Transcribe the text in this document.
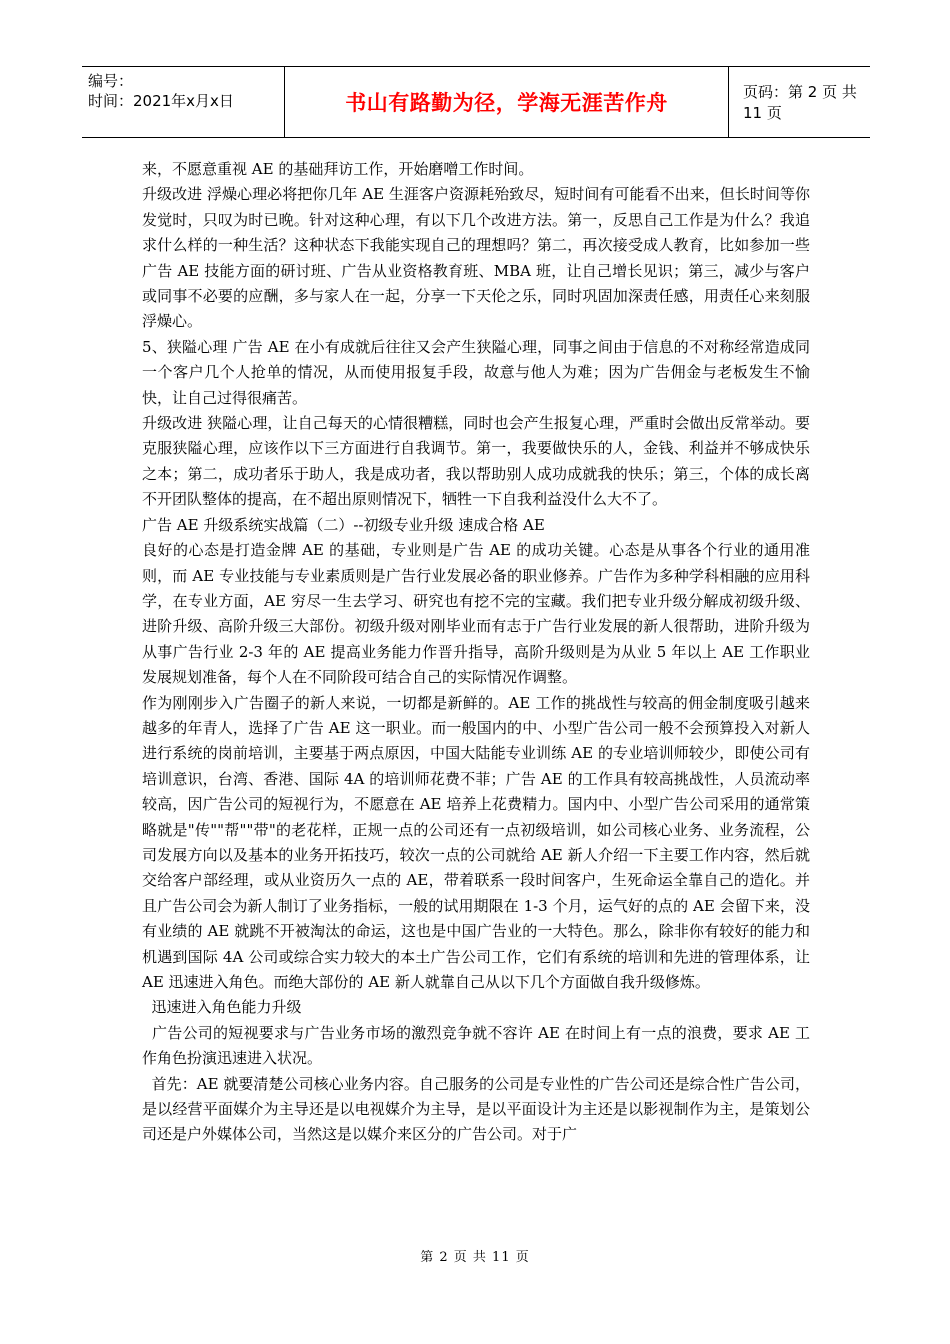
编号：
时间：2021年x月x日	书山有路勤为径，学海无涯苦作舟	页码：第 2 页 共 11 页

来，不愿意重视 AE 的基础拜访工作，开始磨噌工作时间。

升级改进 浮燥心理必将把你几年 AE 生涯客户资源耗殆致尽，短时间有可能看不出来，但长时间等你发觉时，只叹为时已晚。针对这种心理，有以下几个改进方法。第一，反思自己工作是为什么？我追求什么样的一种生活？这种状态下我能实现自己的理想吗？第二，再次接受成人教育，比如参加一些广告 AE 技能方面的研讨班、广告从业资格教育班、MBA 班，让自己增长见识；第三，减少与客户或同事不必要的应酬，多与家人在一起，分享一下天伦之乐，同时巩固加深责任感，用责任心来刻服浮燥心。

5、狭隘心理 广告 AE 在小有成就后往往又会产生狭隘心理，同事之间由于信息的不对称经常造成同一个客户几个人抢单的情况，从而使用报复手段，故意与他人为难；因为广告佣金与老板发生不愉快，让自己过得很痛苦。

升级改进 狭隘心理，让自己每天的心情很糟糕，同时也会产生报复心理，严重时会做出反常举动。要克服狭隘心理，应该作以下三方面进行自我调节。第一，我要做快乐的人，金钱、利益并不够成快乐之本；第二，成功者乐于助人，我是成功者，我以帮助别人成功成就我的快乐；第三，个体的成长离不开团队整体的提高，在不超出原则情况下，牺牲一下自我利益没什么大不了。

广告 AE 升级系统实战篇（二）--初级专业升级 速成合格 AE

良好的心态是打造金牌 AE 的基础，专业则是广告 AE 的成功关键。心态是从事各个行业的通用准则，而 AE 专业技能与专业素质则是广告行业发展必备的职业修养。广告作为多种学科相融的应用科学，在专业方面，AE 穷尽一生去学习、研究也有挖不完的宝藏。我们把专业升级分解成初级升级、进阶升级、高阶升级三大部份。初级升级对刚毕业而有志于广告行业发展的新人很帮助，进阶升级为从事广告行业 2-3 年的 AE 提高业务能力作晋升指导，高阶升级则是为从业 5 年以上 AE 工作职业发展规划准备，每个人在不同阶段可结合自己的实际情况作调整。

作为刚刚步入广告圈子的新人来说，一切都是新鲜的。AE 工作的挑战性与较高的佣金制度吸引越来越多的年青人，选择了广告 AE 这一职业。而一般国内的中、小型广告公司一般不会预算投入对新人进行系统的岗前培训，主要基于两点原因，中国大陆能专业训练 AE 的专业培训师较少，即使公司有培训意识，台湾、香港、国际 4A 的培训师花费不菲；广告 AE 的工作具有较高挑战性，人员流动率较高，因广告公司的短视行为，不愿意在 AE 培养上花费精力。国内中、小型广告公司采用的通常策略就是"传""帮""带"的老花样，正规一点的公司还有一点初级培训，如公司核心业务、业务流程，公司发展方向以及基本的业务开拓技巧，较次一点的公司就给 AE 新人介绍一下主要工作内容，然后就交给客户部经理，或从业资历久一点的 AE，带着联系一段时间客户，生死命运全靠自己的造化。并且广告公司会为新人制订了业务指标，一般的试用期限在 1-3 个月，运气好的点的 AE 会留下来，没有业绩的 AE 就跳不开被淘汰的命运，这也是中国广告业的一大特色。那么，除非你有较好的能力和机遇到国际 4A 公司或综合实力较大的本土广告公司工作，它们有系统的培训和先进的管理体系，让 AE 迅速进入角色。而绝大部份的 AE 新人就靠自己从以下几个方面做自我升级修炼。

迅速进入角色能力升级

广告公司的短视要求与广告业务市场的激烈竞争就不容许 AE 在时间上有一点的浪费，要求 AE 工作角色扮演迅速进入状况。

首先：AE 就要清楚公司核心业务内容。自己服务的公司是专业性的广告公司还是综合性广告公司，是以经营平面媒介为主导还是以电视媒介为主导，是以平面设计为主还是以影视制作为主，是策划公司还是户外媒体公司，当然这是以媒介来区分的广告公司。对于广

第 2 页 共 11 页
